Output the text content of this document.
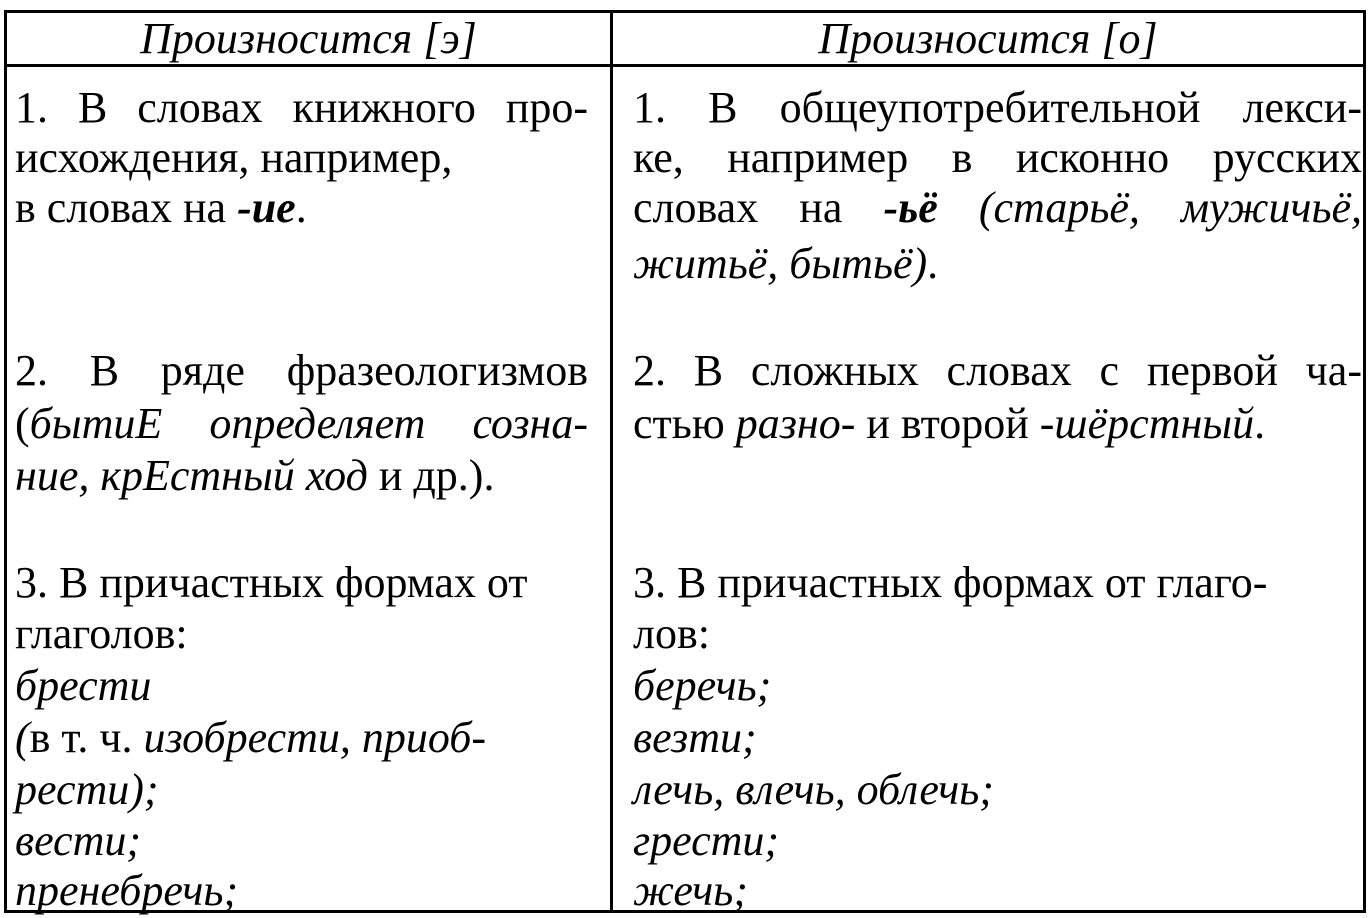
Произносится [э]	Произносится [о]
1. В словах книжного про-
исхождения, например,
в словах на -ие.
2. В ряде фразеологизмов
(бытиЕ определяет созна-
ние, крЕстный ход и др.).
3. В причастных формах от
глаголов:
брести
(в т. ч. изобрести, приоб-
рести);
вести;
пренебречь;
1. В общеупотребительной лекси-
ке, например в исконно русских
словах на -ьё (старьё, мужичьё,
житьё, бытьё).
2. В сложных словах с первой ча-
стью разно- и второй -шёрстный.
3. В причастных формах от глаго-
лов:
беречь;
везти;
лечь, влечь, облечь;
грести;
жечь;
